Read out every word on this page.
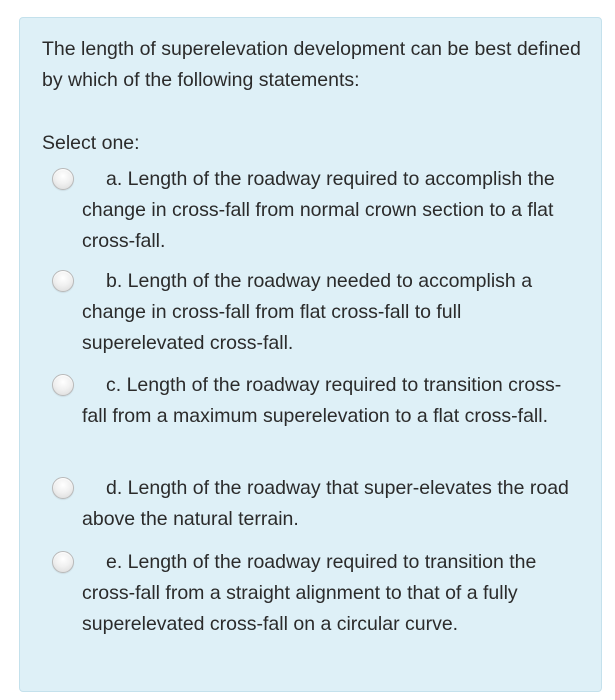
The length of superelevation development can be best defined by which of the following statements:

Select one:

a. Length of the roadway required to accomplish the change in cross-fall from normal crown section to a flat cross-fall.
b. Length of the roadway needed to accomplish a change in cross-fall from flat cross-fall to full superelevated cross-fall.
c. Length of the roadway required to transition cross-fall from a maximum superelevation to a flat cross-fall.
d. Length of the roadway that super-elevates the road above the natural terrain.
e. Length of the roadway required to transition the cross-fall from a straight alignment to that of a fully superelevated cross-fall on a circular curve.
